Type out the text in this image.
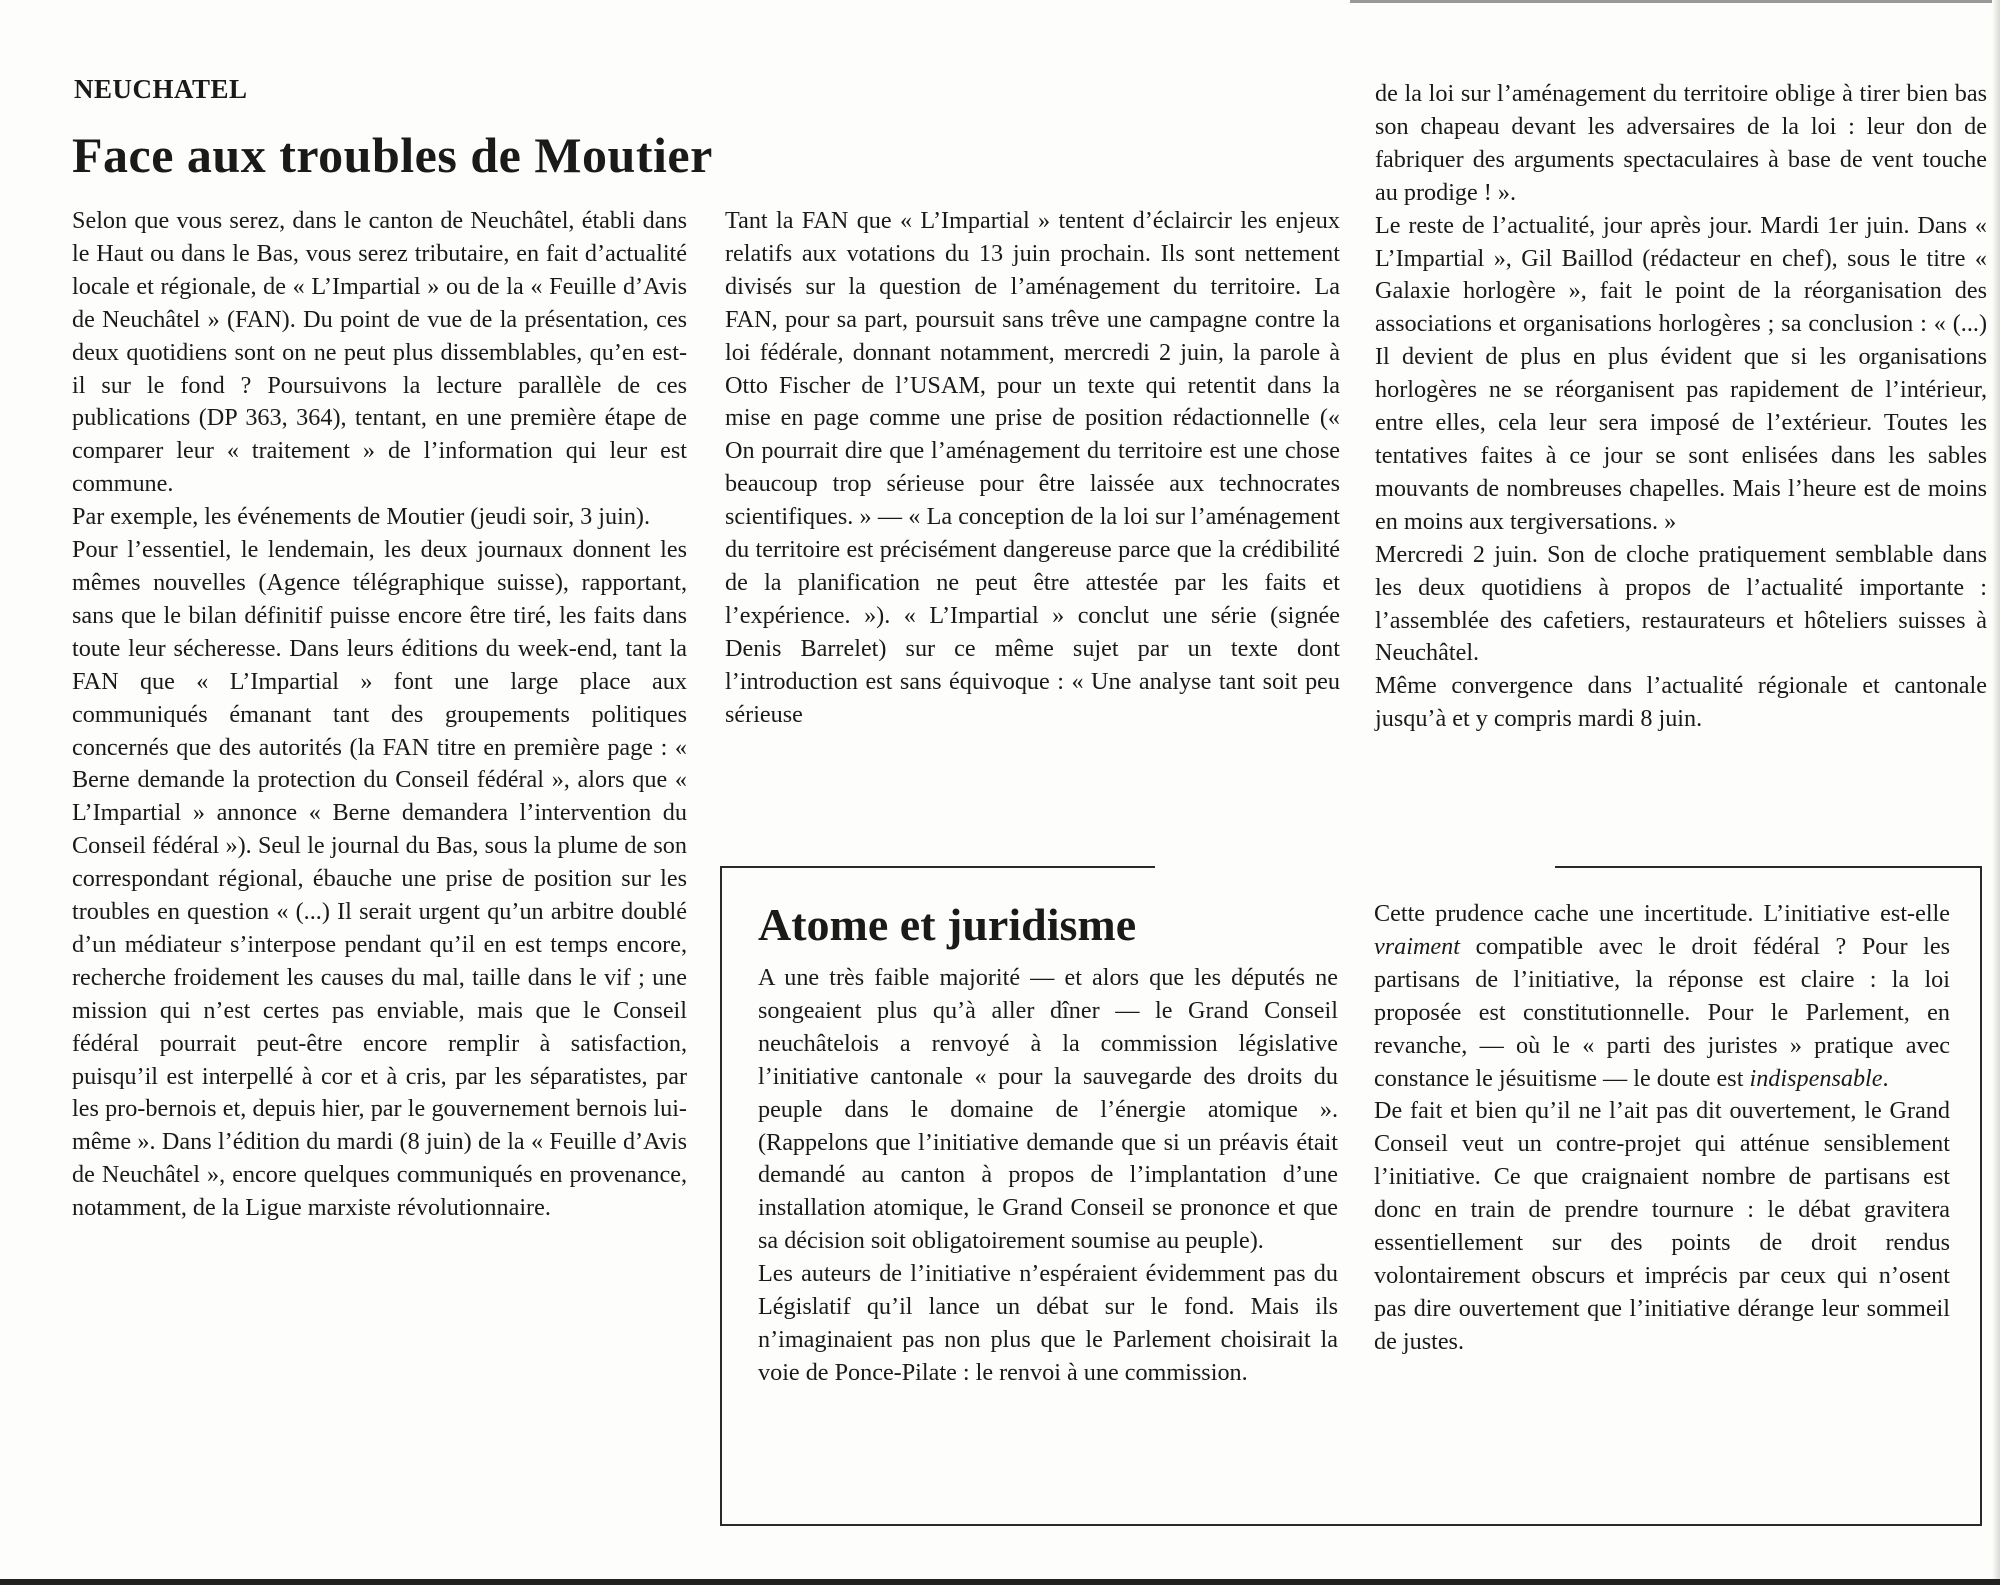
NEUCHATEL
Face aux troubles de Moutier

Selon que vous serez, dans le canton de Neuchâtel, établi dans le Haut ou dans le Bas, vous serez tributaire, en fait d’actualité locale et régionale, de « L’Impartial » ou de la « Feuille d’Avis de Neuchâtel » (FAN). Du point de vue de la présentation, ces deux quotidiens sont on ne peut plus dissemblables, qu’en est-il sur le fond ? Poursuivons la lecture parallèle de ces publications (DP 363, 364), tentant, en une première étape de comparer leur « traitement » de l’information qui leur est commune.

Par exemple, les événements de Moutier (jeudi soir, 3 juin).

Pour l’essentiel, le lendemain, les deux journaux donnent les mêmes nouvelles (Agence télégraphique suisse), rapportant, sans que le bilan définitif puisse encore être tiré, les faits dans toute leur sécheresse. Dans leurs éditions du week-end, tant la FAN que « L’Impartial » font une large place aux communiqués émanant tant des groupements politiques concernés que des autorités (la FAN titre en première page : « Berne demande la protection du Conseil fédéral », alors que « L’Impartial » annonce « Berne demandera l’intervention du Conseil fédéral »). Seul le journal du Bas, sous la plume de son correspondant régional, ébauche une prise de position sur les troubles en question « (...) Il serait urgent qu’un arbitre doublé d’un médiateur s’interpose pendant qu’il en est temps encore, recherche froidement les causes du mal, taille dans le vif ; une mission qui n’est certes pas enviable, mais que le Conseil fédéral pourrait peut-être encore remplir à satisfaction, puisqu’il est interpellé à cor et à cris, par les séparatistes, par les pro-bernois et, depuis hier, par le gouvernement bernois lui-même ». Dans l’édition du mardi (8 juin) de la « Feuille d’Avis de Neuchâtel », encore quelques communiqués en provenance, notamment, de la Ligue marxiste révolutionnaire.

Tant la FAN que « L’Impartial » tentent d’éclaircir les enjeux relatifs aux votations du 13 juin prochain. Ils sont nettement divisés sur la question de l’aménagement du territoire. La FAN, pour sa part, poursuit sans trêve une campagne contre la loi fédérale, donnant notamment, mercredi 2 juin, la parole à Otto Fischer de l’USAM, pour un texte qui retentit dans la mise en page comme une prise de position rédactionnelle (« On pourrait dire que l’aménagement du territoire est une chose beaucoup trop sérieuse pour être laissée aux technocrates scientifiques. » — « La conception de la loi sur l’aménagement du territoire est précisément dangereuse parce que la crédibilité de la planification ne peut être attestée par les faits et l’expérience. »). « L’Impartial » conclut une série (signée Denis Barrelet) sur ce même sujet par un texte dont l’introduction est sans équivoque : « Une analyse tant soit peu sérieuse

de la loi sur l’aménagement du territoire oblige à tirer bien bas son chapeau devant les adversaires de la loi : leur don de fabriquer des arguments spectaculaires à base de vent touche au prodige ! ».

Le reste de l’actualité, jour après jour. Mardi 1er juin. Dans « L’Impartial », Gil Baillod (rédacteur en chef), sous le titre « Galaxie horlogère », fait le point de la réorganisation des associations et organisations horlogères ; sa conclusion : « (...) Il devient de plus en plus évident que si les organisations horlogères ne se réorganisent pas rapidement de l’intérieur, entre elles, cela leur sera imposé de l’extérieur. Toutes les tentatives faites à ce jour se sont enlisées dans les sables mouvants de nombreuses chapelles. Mais l’heure est de moins en moins aux tergiversations. »

Mercredi 2 juin. Son de cloche pratiquement semblable dans les deux quotidiens à propos de l’actualité importante : l’assemblée des cafetiers, restaurateurs et hôteliers suisses à Neuchâtel.

Même convergence dans l’actualité régionale et cantonale jusqu’à et y compris mardi 8 juin.

Atome et juridisme

A une très faible majorité — et alors que les députés ne songeaient plus qu’à aller dîner — le Grand Conseil neuchâtelois a renvoyé à la commission législative l’initiative cantonale « pour la sauvegarde des droits du peuple dans le domaine de l’énergie atomique ». (Rappelons que l’initiative demande que si un préavis était demandé au canton à propos de l’implantation d’une installation atomique, le Grand Conseil se prononce et que sa décision soit obligatoirement soumise au peuple).

Les auteurs de l’initiative n’espéraient évidemment pas du Législatif qu’il lance un débat sur le fond. Mais ils n’imaginaient pas non plus que le Parlement choisirait la voie de Ponce-Pilate : le renvoi à une commission.

Cette prudence cache une incertitude. L’initiative est-elle vraiment compatible avec le droit fédéral ? Pour les partisans de l’initiative, la réponse est claire : la loi proposée est constitutionnelle. Pour le Parlement, en revanche, — où le « parti des juristes » pratique avec constance le jésuitisme — le doute est indispensable.

De fait et bien qu’il ne l’ait pas dit ouvertement, le Grand Conseil veut un contre-projet qui atténue sensiblement l’initiative. Ce que craignaient nombre de partisans est donc en train de prendre tournure : le débat gravitera essentiellement sur des points de droit rendus volontairement obscurs et imprécis par ceux qui n’osent pas dire ouvertement que l’initiative dérange leur sommeil de justes.
